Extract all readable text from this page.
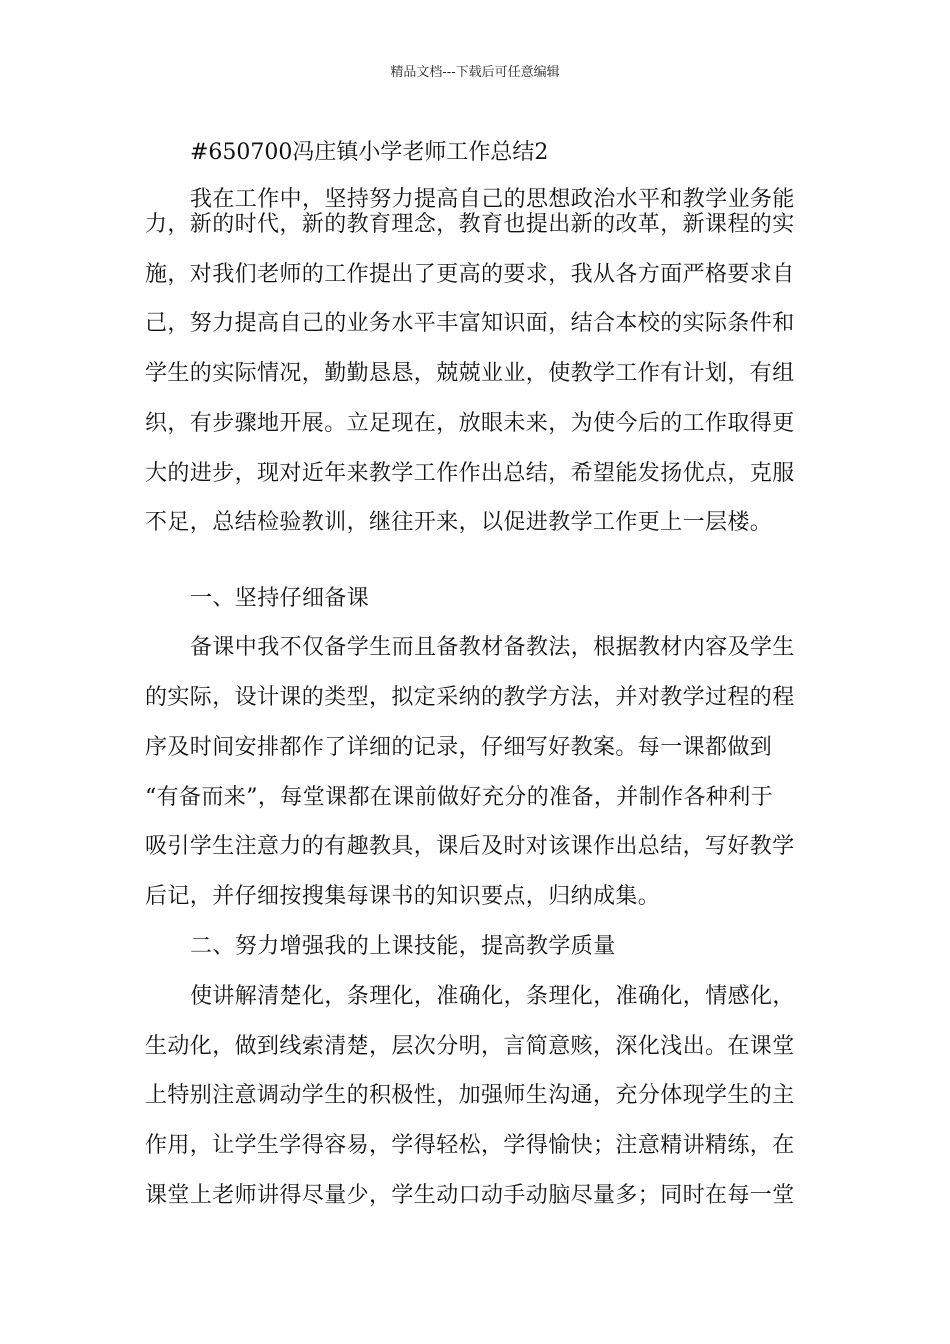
精品文档---下载后可任意编辑
#650700冯庄镇小学老师工作总结2
我在工作中，坚持努力提高自己的思想政治水平和教学业务能
力，新的时代，新的教育理念，教育也提出新的改革，新课程的实
施，对我们老师的工作提出了更高的要求，我从各方面严格要求自
己，努力提高自己的业务水平丰富知识面，结合本校的实际条件和
学生的实际情况，勤勤恳恳，兢兢业业，使教学工作有计划，有组
织，有步骤地开展。立足现在，放眼未来，为使今后的工作取得更
大的进步，现对近年来教学工作作出总结，希望能发扬优点，克服
不足，总结检验教训，继往开来，以促进教学工作更上一层楼。
一、坚持仔细备课
备课中我不仅备学生而且备教材备教法，根据教材内容及学生
的实际，设计课的类型，拟定采纳的教学方法，并对教学过程的程
序及时间安排都作了详细的记录，仔细写好教案。每一课都做到
“有备而来”，每堂课都在课前做好充分的准备，并制作各种利于
吸引学生注意力的有趣教具，课后及时对该课作出总结，写好教学
后记，并仔细按搜集每课书的知识要点，归纳成集。
二、努力增强我的上课技能，提高教学质量
使讲解清楚化，条理化，准确化，条理化，准确化，情感化，
生动化，做到线索清楚，层次分明，言简意赅，深化浅出。在课堂
上特别注意调动学生的积极性，加强师生沟通，充分体现学生的主
作用，让学生学得容易，学得轻松，学得愉快；注意精讲精练，在
课堂上老师讲得尽量少，学生动口动手动脑尽量多；同时在每一堂
